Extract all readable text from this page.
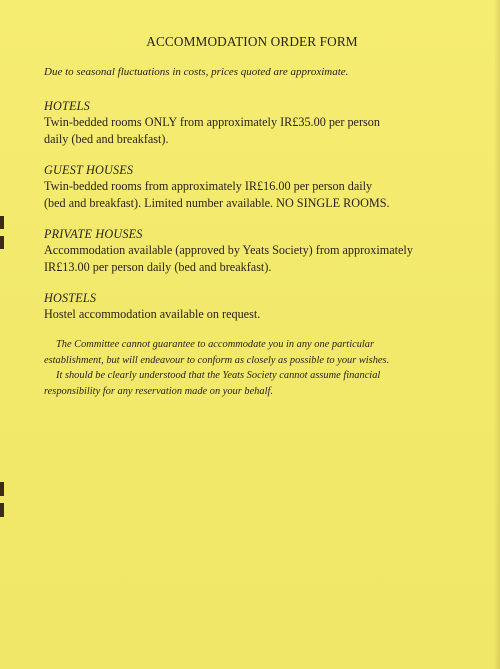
ACCOMMODATION ORDER FORM
Due to seasonal fluctuations in costs, prices quoted are approximate.
HOTELS
Twin-bedded rooms ONLY from approximately IR£35.00 per person
daily (bed and breakfast).
GUEST HOUSES
Twin-bedded rooms from approximately IR£16.00 per person daily
(bed and breakfast). Limited number available. NO SINGLE ROOMS.
PRIVATE HOUSES
Accommodation available (approved by Yeats Society) from approximately
IR£13.00 per person daily (bed and breakfast).
HOSTELS
Hostel accommodation available on request.
The Committee cannot guarantee to accommodate you in any one particular
establishment, but will endeavour to conform as closely as possible to your wishes.
It should be clearly understood that the Yeats Society cannot assume financial
responsibility for any reservation made on your behalf.
